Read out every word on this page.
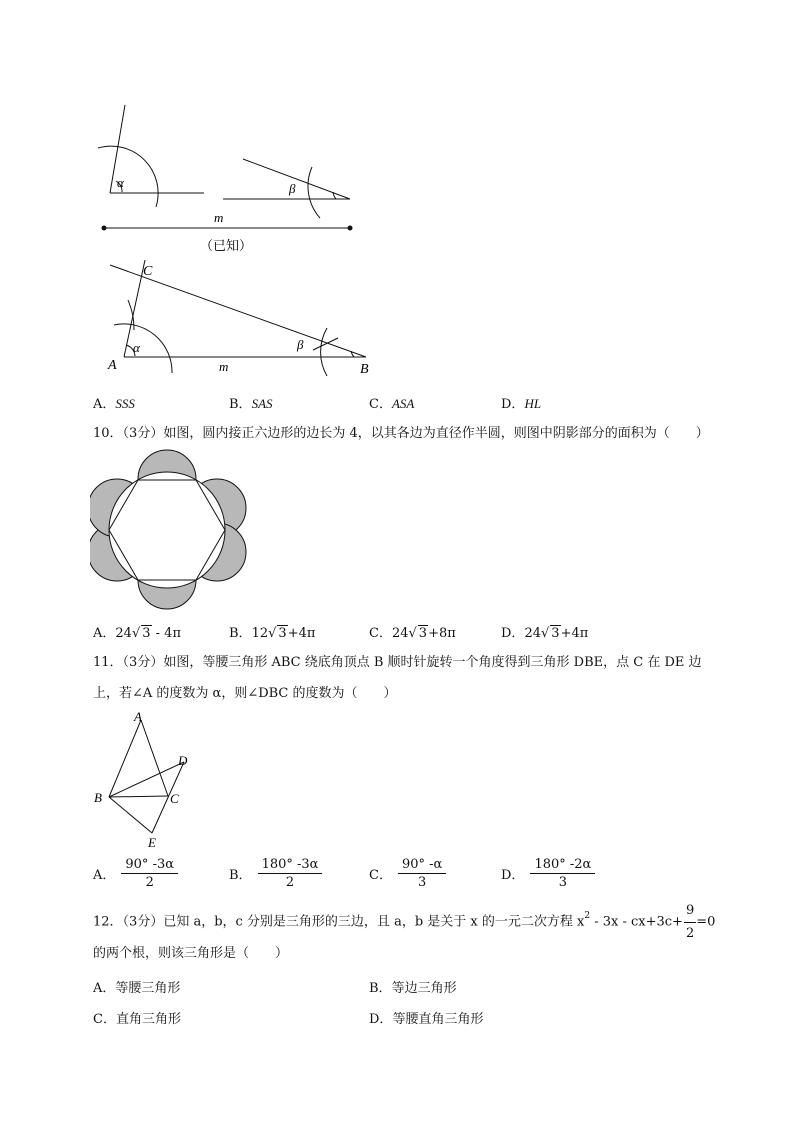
α	β
m
（已知）
C
A	B
α	β
m
A．SSS	B．SAS	C．ASA	D．HL
10．（3分）如图，圆内接正六边形的边长为 4，以其各边为直径作半圆，则图中阴影部分的面积为（　　）
A．24√ 3 - 4π	B．12√ 3+4π	C．24√ 3+8π	D．24√ 3+4π
11．（3分）如图，等腰三角形 ABC 绕底角顶点 B 顺时针旋转一个角度得到三角形 DBE，点 C 在 DE 边
上，若∠A 的度数为 α，则∠DBC 的度数为（　　）
A
B	C
D
E
A． $\frac{90^\circ -3\alpha}{2}$	B． $\frac{180^\circ -3\alpha}{2}$	C． $\frac{90^\circ -\alpha}{3}$	D． $\frac{180^\circ -2\alpha}{3}$
12．（3分）已知 a，b，c 分别是三角形的三边，且 a，b 是关于 x 的一元二次方程 $x^2 - 3x - cx+3c+ \frac{9}{2} =0$
的两个根，则该三角形是（　　）
A．等腰三角形	B．等边三角形
C．直角三角形	D．等腰直角三角形
